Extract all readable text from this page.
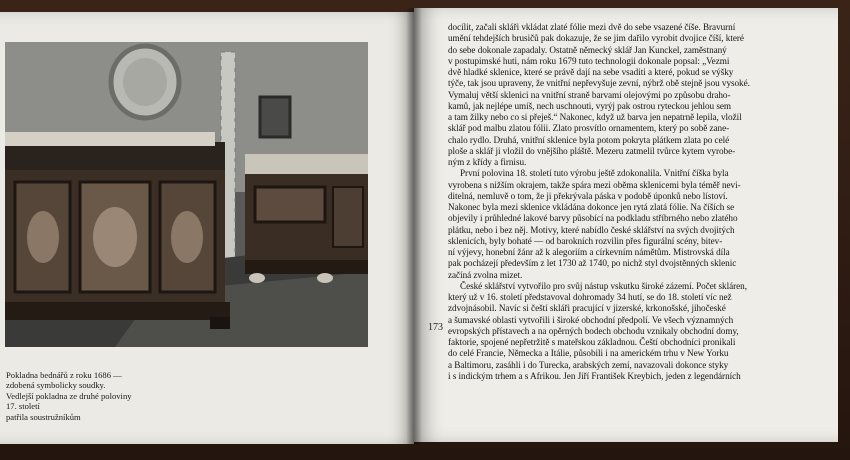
Pokladna bednářů z roku 1686 —
zdobená symbolicky soudky.
Vedlejší pokladna ze druhé poloviny
17. století
patřila soustružníkům
173
docílit, začali skláři vkládat zlaté fólie mezi dvě do sebe vsazené číše. Bravurní
umění tehdejších brusičů pak dokazuje, že se jim dařilo vyrobit dvojice číší, které
do sebe dokonale zapadaly. Ostatně německý sklář Jan Kunckel, zaměstnaný
v postupimské huti, nám roku 1679 tuto technologii dokonale popsal: „Vezmi
dvě hladké sklenice, které se právě dají na sebe vsaditi a které, pokud se výšky
týče, tak jsou upraveny, že vnitřní nepřevyšuje zevní, nýbrž obě stejně jsou vysoké.
Vymaluj větší sklenici na vnitřní straně barvami olejovými po způsobu draho-
kamů, jak nejlépe umíš, nech uschnouti, vyrýj pak ostrou ryteckou jehlou sem
a tam žilky nebo co si přeješ.“ Nakonec, když už barva jen nepatrně lepila, vložil
sklář pod malbu zlatou fólii. Zlato prosvítlo ornamentem, který po sobě zane-
chalo rydlo. Druhá, vnitřní sklenice byla potom pokryta plátkem zlata po celé
ploše a sklář ji vložil do vnějšího pláště. Mezeru zatmelil tvůrce kytem vyrobe-
ným z křídy a firnisu.
První polovina 18. století tuto výrobu ještě zdokonalila. Vnitřní číška byla
vyrobena s nižším okrajem, takže spára mezi oběma sklenicemi byla téměř nevi-
ditelná, nemluvě o tom, že ji překrývala páska v podobě úponků nebo lístoví.
Nakonec byla mezi sklenice vkládána dokonce jen rytá zlatá fólie. Na číších se
objevily i průhledné lakové barvy působící na podkladu stříbrného nebo zlatého
plátku, nebo i bez něj. Motivy, které nabídlo české sklářství na svých dvojitých
sklenicích, byly bohaté — od barokních rozvilin přes figurální scény, bitev-
ní výjevy, honební žánr až k alegoriím a církevním námětům. Mistrovská díla
pak pocházejí především z let 1730 až 1740, po nichž styl dvojstěnných sklenic
začíná zvolna mizet.
České sklářství vytvořilo pro svůj nástup vskutku široké zázemí. Počet skláren,
který už v 16. století představoval dohromady 34 hutí, se do 18. století víc než
zdvojnásobil. Navíc si čeští skláři pracující v jizerské, krkonošské, jihočeské
a šumavské oblasti vytvořili i široké obchodní předpolí. Ve všech významných
evropských přístavech a na opěrných bodech obchodu vznikaly obchodní domy,
faktorie, spojené nepřetržitě s mateřskou základnou. Čeští obchodníci pronikali
do celé Francie, Německa a Itálie, působili i na americkém trhu v New Yorku
a Baltimoru, zasáhli i do Turecka, arabských zemí, navazovali dokonce styky
i s indickým trhem a s Afrikou. Jen Jiří František Kreybich, jeden z legendárních
